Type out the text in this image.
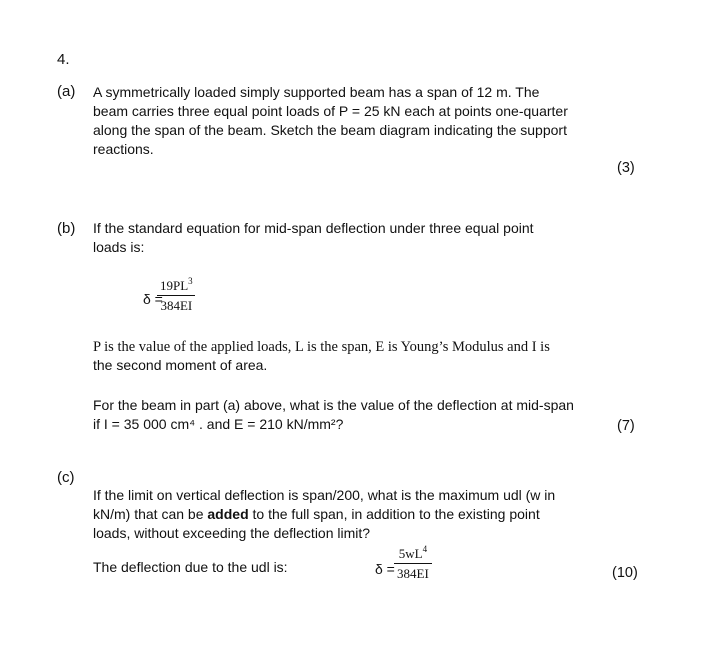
4.
(a) A symmetrically loaded simply supported beam has a span of 12 m. The
beam carries three equal point loads of P = 25 kN each at points one-quarter
along the span of the beam. Sketch the beam diagram indicating the support
reactions.
(3)
(b) If the standard equation for mid-span deflection under three equal point
loads is:
δ =
$\frac{19PL^3}{384EI}$
P is the value of the applied loads, L is the span, E is Young’s Modulus and I is
the second moment of area.
For the beam in part (a) above, what is the value of the deflection at mid-span
if I = 35 000 cm⁴ . and E = 210 kN/mm²?	(7)
(c)
If the limit on vertical deflection is span/200, what is the maximum udl (w in
kN/m) that can be added to the full span, in addition to the existing point
loads, without exceeding the deflection limit?
The deflection due to the udl is:	$\delta = \frac{5wL^4}{384EI}$	(10)
